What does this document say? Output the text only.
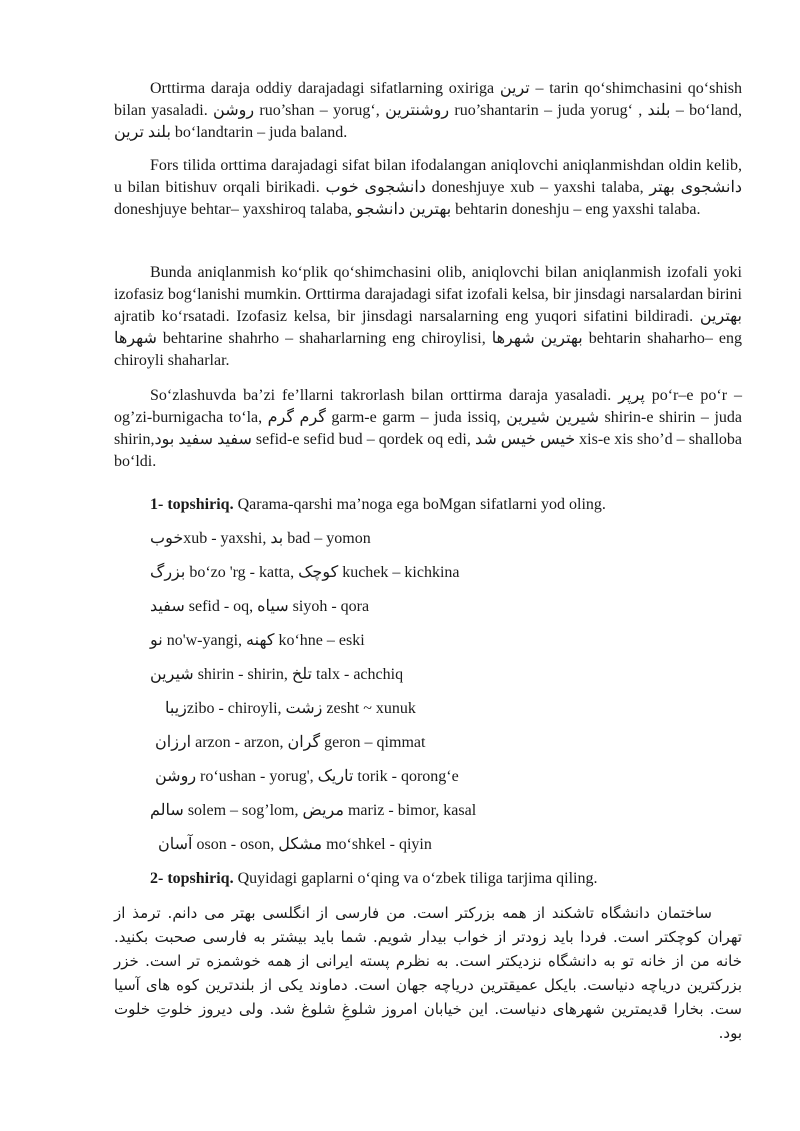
Orttirma daraja oddiy darajadagi sifatlarning oxiriga ترین – tarin qo‘shimchasini qo‘shish bilan yasaladi. روشن ruo’shan – yorug‘, روشنترین ruo’shantarin – juda yorug‘ , بلند – bo‘land, بلند ترین bo‘landtarin – juda baland.

Fors tilida orttima darajadagi sifat bilan ifodalangan aniqlovchi aniqlanmishdan oldin kelib, u bilan bitishuv orqali birikadi. دانشجوی خوب doneshjuye xub – yaxshi talaba, دانشجوی بهتر doneshjuye behtar– yaxshiroq talaba, بهترین دانشجو behtarin doneshju – eng yaxshi talaba.

Bunda aniqlanmish ko‘plik qo‘shimchasini olib, aniqlovchi bilan aniqlanmish izofali yoki izofasiz bog‘lanishi mumkin. Orttirma darajadagi sifat izofali kelsa, bir jinsdagi narsalardan birini ajratib ko‘rsatadi. Izofasiz kelsa, bir jinsdagi narsalarning eng yuqori sifatini bildiradi. بهترین شهرها behtarine shahrho – shaharlarning eng chiroylisi, بهترین شهرها behtarin shaharho– eng chiroyli shaharlar.

So‘zlashuvda ba’zi fe’llarni takrorlash bilan orttirma daraja yasaladi. پرپر po‘r–e po‘r – og’zi-burnigacha to‘la, گرم گرم garm-e garm – juda issiq, شیرین شیرین shirin-e shirin – juda shirin,سفید سفید بود sefid-e sefid bud – qordek oq edi, خیس خیس شد xis-e xis sho’d – shalloba bo‘ldi.

1- topshiriq. Qarama-qarshi ma’noga ega boMgan sifatlarni yod oling.

خوبxub - yaxshi, بد bad – yomon

بزرگ bo‘zo 'rg - katta, کوچک kuchek – kichkina

سفید sefid - oq, سیاه siyoh - qora

نو no'w-yangi, کهنه ko‘hne – eski

شیرین shirin - shirin, تلخ talx - achchiq

زیباzibo - chiroyli, زشت zesht ~ xunuk

ارزان arzon - arzon, گران geron – qimmat

روشن ro‘ushan - yorug', تاریک torik - qorong‘e

سالم solem – sog’lom, مریض mariz - bimor, kasal

آسان oson - oson, مشکل mo‘shkel - qiyin

2- topshiriq. Quyidagi gaplarni o‘qing va o‘zbek tiliga tarjima qiling.

ساختمان دانشگاه تاشکند از همه بزرکتر است. من فارسی از انگلسی بهتر می دانم. ترمذ از تهران کوچکتر است. فردا باید زودتر از خواب بیدار شویم. شما باید بیشتر به فارسی صحبت بکنید. خانه من از خانه تو به دانشگاه نزدیکتر است. به نظرم پسته ایرانی از همه خوشمزه تر است. خزر بزرکترین دریاچه دنیاست. بایکل عمیقترین دریاچه جهان است. دماوند یکی از بلندترین کوه های آسیا ست. بخارا قدیمترین شهرهای دنیاست. این خیابان امروز شلوغِ شلوغ شد. ولی دیروز خلوتِ خلوت بود.
